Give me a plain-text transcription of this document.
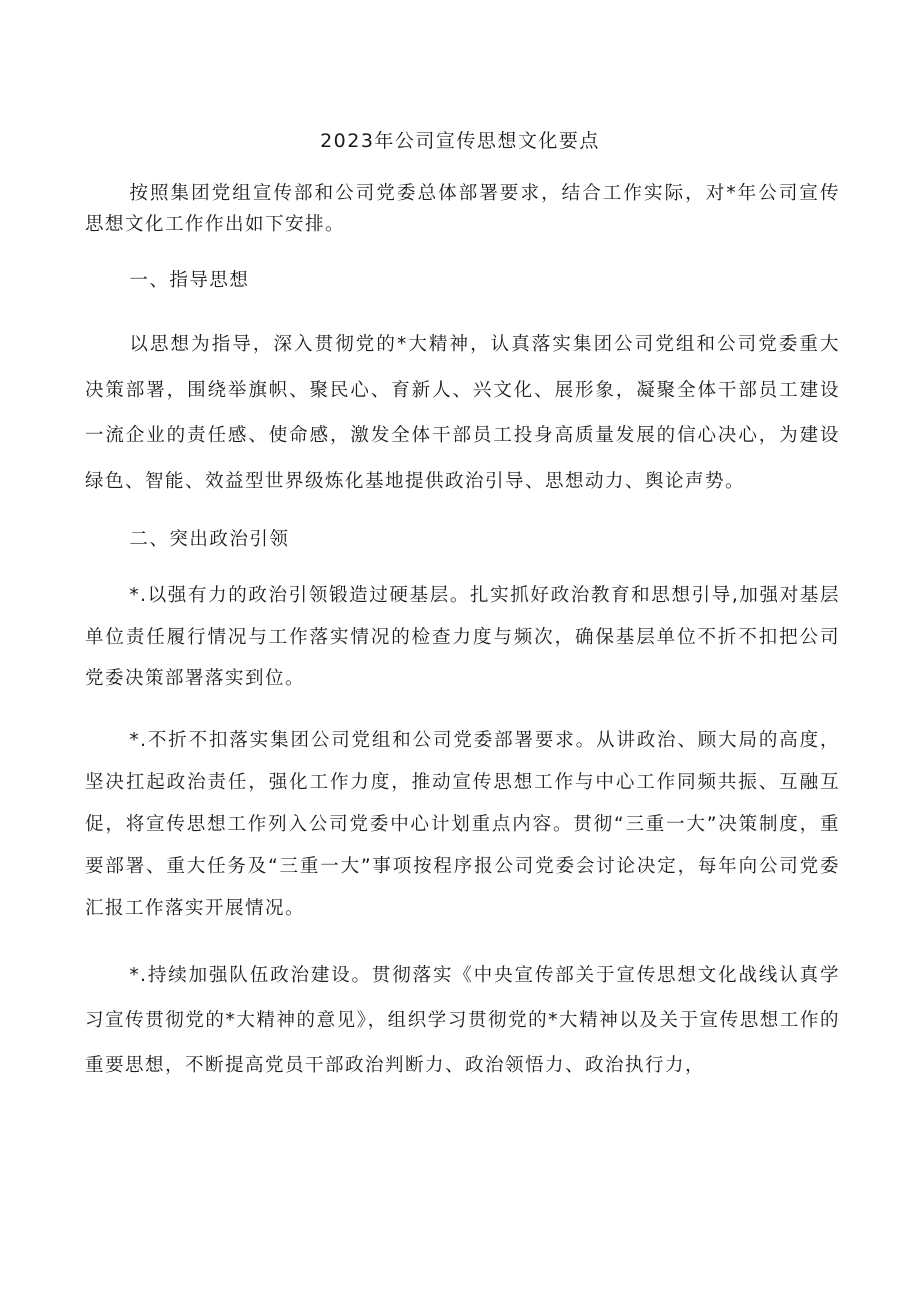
2023年公司宣传思想文化要点

按照集团党组宣传部和公司党委总体部署要求，结合工作实际，对*年公司宣传思想文化工作作出如下安排。

一、指导思想

以思想为指导，深入贯彻党的*大精神，认真落实集团公司党组和公司党委重大决策部署，围绕举旗帜、聚民心、育新人、兴文化、展形象，凝聚全体干部员工建设一流企业的责任感、使命感，激发全体干部员工投身高质量发展的信心决心，为建设绿色、智能、效益型世界级炼化基地提供政治引导、思想动力、舆论声势。

二、突出政治引领

*.以强有力的政治引领锻造过硬基层。扎实抓好政治教育和思想引导,加强对基层单位责任履行情况与工作落实情况的检查力度与频次，确保基层单位不折不扣把公司党委决策部署落实到位。

*.不折不扣落实集团公司党组和公司党委部署要求。从讲政治、顾大局的高度，坚决扛起政治责任，强化工作力度，推动宣传思想工作与中心工作同频共振、互融互促，将宣传思想工作列入公司党委中心计划重点内容。贯彻“三重一大”决策制度，重要部署、重大任务及“三重一大”事项按程序报公司党委会讨论决定，每年向公司党委汇报工作落实开展情况。

*.持续加强队伍政治建设。贯彻落实《中央宣传部关于宣传思想文化战线认真学习宣传贯彻党的*大精神的意见》，组织学习贯彻党的*大精神以及关于宣传思想工作的重要思想，不断提高党员干部政治判断力、政治领悟力、政治执行力，
